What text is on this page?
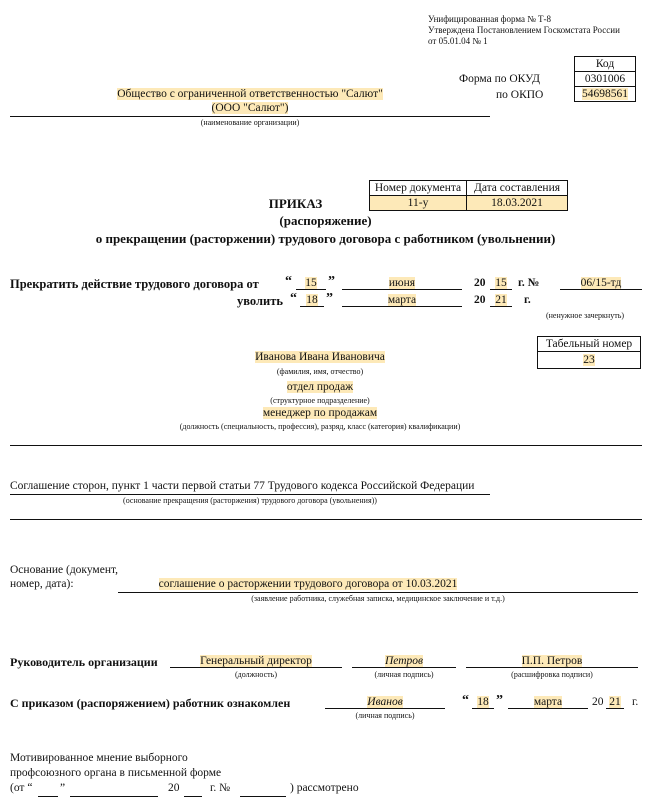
Унифицированная форма № Т-8
Утверждена Постановлением Госкомстата России
от 05.01.04 № 1
Код
0301006
54698561
Форма по ОКУД
по ОКПО
Общество с ограниченной ответственностью "Салют"
(ООО "Салют")
(наименование организации)
Номер документа	Дата составления
11-у	18.03.2021
ПРИКАЗ
(распоряжение)
о прекращении (расторжении) трудового договора с работником (увольнении)
Прекратить действие трудового договора от “	15 ”	июня	20 15 г. №	06/15-тд
уволить “ 18 ”	марта	20 21	г.
(ненужное зачеркнуть)
Табельный номер
23
Иванова Ивана Ивановича
(фамилия, имя, отчество)
отдел продаж
(структурное подразделение)
менеджер по продажам
(должность (специальность, профессия), разряд, класс (категория) квалификации)
Соглашение сторон, пункт 1 части первой статьи 77 Трудового кодекса Российской Федерации
(основание прекращения (расторжения) трудового договора (увольнения))
Основание (документ,
номер, дата):	соглашение о расторжении трудового договора от 10.03.2021
(заявление работника, служебная записка, медицинское заключение и т.д.)
Руководитель организации	Генеральный директор
(должность)
Петров
(личная подпись)
П.П. Петров
(расшифровка подписи)
С приказом (распоряжением) работник ознакомлен	Иванов
(личная подпись)
“ 18 ”	марта	20 21 г.
Мотивированное мнение выборного
профсоюзного органа в письменной форме
(от “ ”	20	г. №	) рассмотрено
